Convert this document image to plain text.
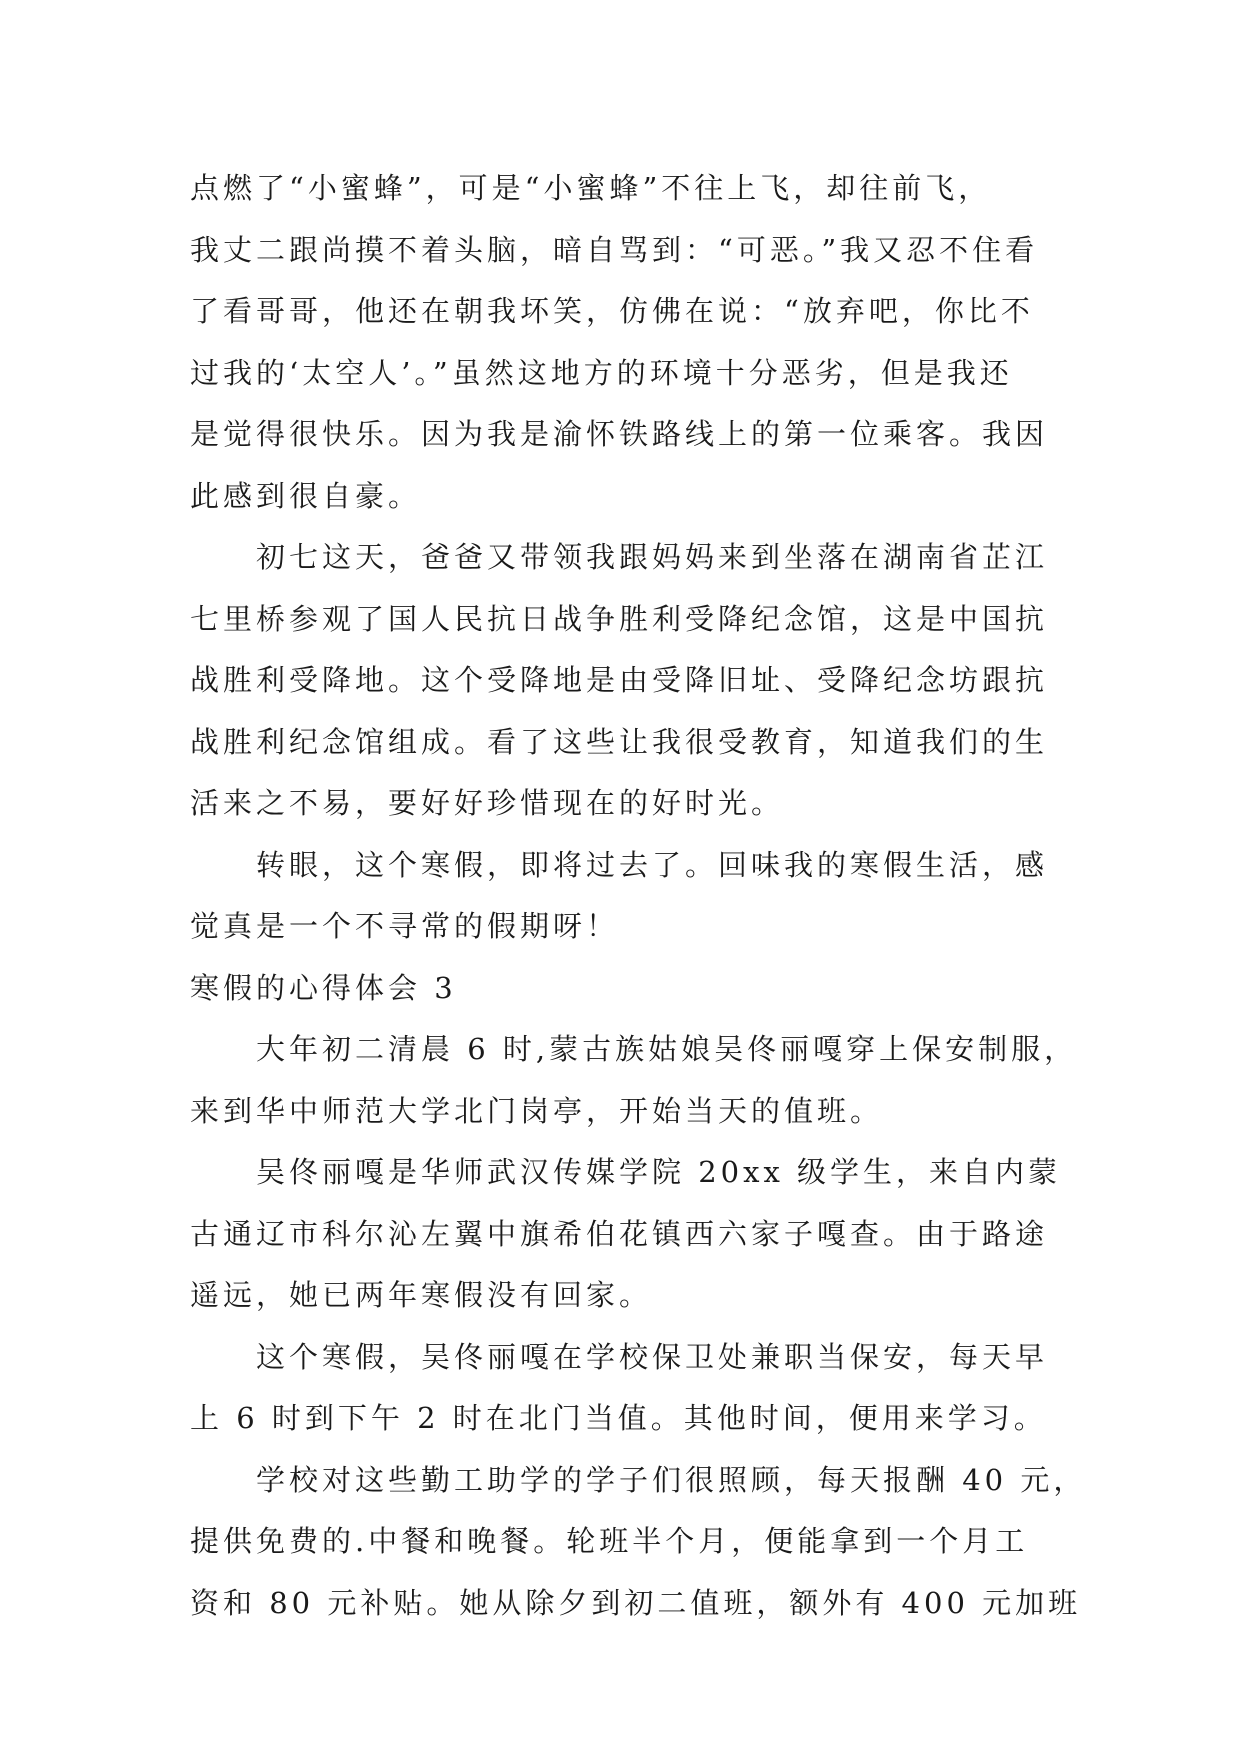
点燃了“小蜜蜂”，可是“小蜜蜂”不往上飞，却往前飞，
我丈二跟尚摸不着头脑，暗自骂到：“可恶。”我又忍不住看
了看哥哥，他还在朝我坏笑，仿佛在说：“放弃吧，你比不
过我的‘太空人’。”虽然这地方的环境十分恶劣，但是我还
是觉得很快乐。因为我是渝怀铁路线上的第一位乘客。我因
此感到很自豪。
初七这天，爸爸又带领我跟妈妈来到坐落在湖南省芷江
七里桥参观了国人民抗日战争胜利受降纪念馆，这是中国抗
战胜利受降地。这个受降地是由受降旧址、受降纪念坊跟抗
战胜利纪念馆组成。看了这些让我很受教育，知道我们的生
活来之不易，要好好珍惜现在的好时光。
转眼，这个寒假，即将过去了。回味我的寒假生活，感
觉真是一个不寻常的假期呀！
寒假的心得体会 3
大年初二清晨 6 时,蒙古族姑娘吴佟丽嘎穿上保安制服，
来到华中师范大学北门岗亭，开始当天的值班。
吴佟丽嘎是华师武汉传媒学院 20xx 级学生，来自内蒙
古通辽市科尔沁左翼中旗希伯花镇西六家子嘎查。由于路途
遥远，她已两年寒假没有回家。
这个寒假，吴佟丽嘎在学校保卫处兼职当保安，每天早
上 6 时到下午 2 时在北门当值。其他时间，便用来学习。
学校对这些勤工助学的学子们很照顾，每天报酬 40 元，
提供免费的.中餐和晚餐。轮班半个月，便能拿到一个月工
资和 80 元补贴。她从除夕到初二值班，额外有 400 元加班
